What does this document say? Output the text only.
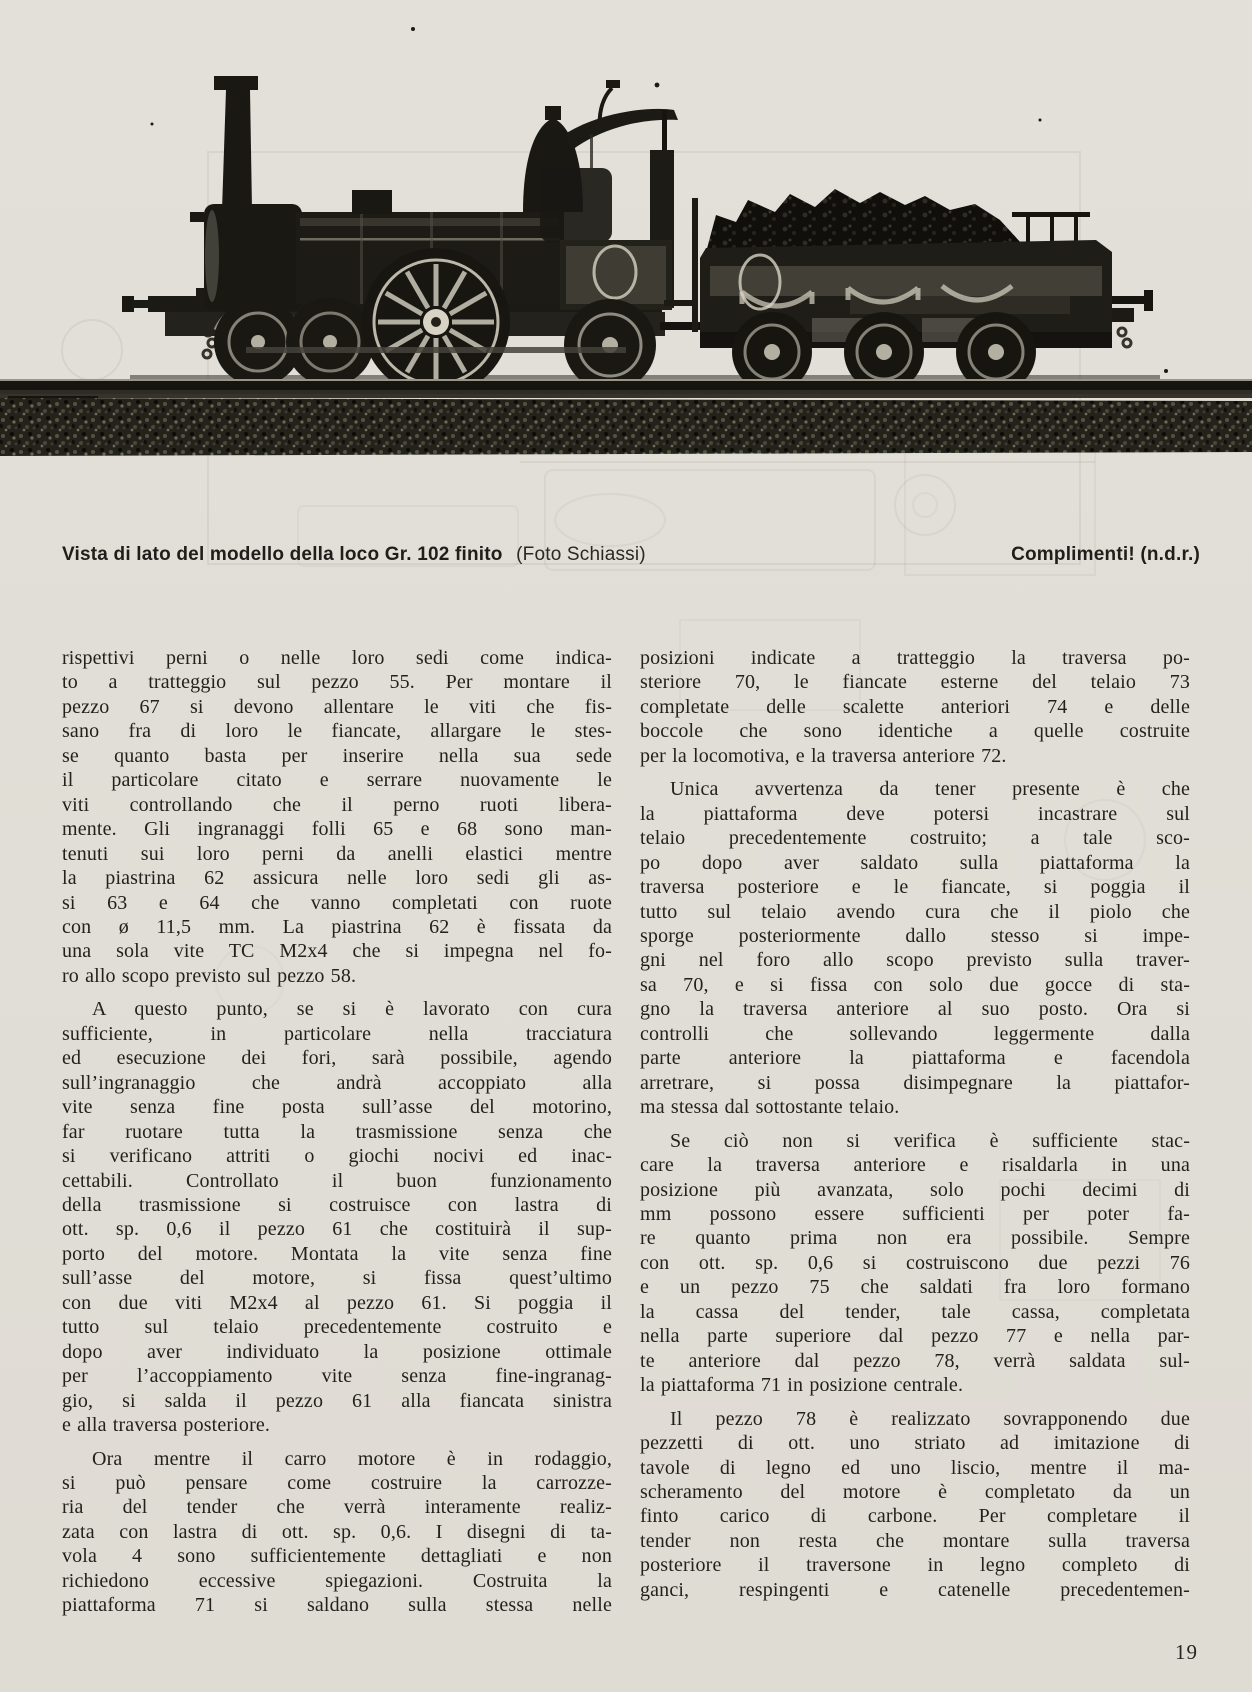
Vista di lato del modello della loco Gr. 102 finito (Foto Schiassi)	Complimenti! (n.d.r.)
rispettivi perni o nelle loro sedi come indica-
to a tratteggio sul pezzo 55. Per montare il
pezzo 67 si devono allentare le viti che fis-
sano fra di loro le fiancate, allargare le stes-
se quanto basta per inserire nella sua sede
il particolare citato e serrare nuovamente le
viti controllando che il perno ruoti libera-
mente. Gli ingranaggi folli 65 e 68 sono man-
tenuti sui loro perni da anelli elastici mentre
la piastrina 62 assicura nelle loro sedi gli as-
si 63 e 64 che vanno completati con ruote
con ø 11,5 mm. La piastrina 62 è fissata da
una sola vite TC M2x4 che si impegna nel fo-
ro allo scopo previsto sul pezzo 58.
A questo punto, se si è lavorato con cura
sufficiente, in particolare nella tracciatura
ed esecuzione dei fori, sarà possibile, agendo
sull’ingranaggio che andrà accoppiato alla
vite senza fine posta sull’asse del motorino,
far ruotare tutta la trasmissione senza che
si verificano attriti o giochi nocivi ed inac-
cettabili. Controllato il buon funzionamento
della trasmissione si costruisce con lastra di
ott. sp. 0,6 il pezzo 61 che costituirà il sup-
porto del motore. Montata la vite senza fine
sull’asse del motore, si fissa quest’ultimo
con due viti M2x4 al pezzo 61. Si poggia il
tutto sul telaio precedentemente costruito e
dopo aver individuato la posizione ottimale
per l’accoppiamento vite senza fine-ingranag-
gio, si salda il pezzo 61 alla fiancata sinistra
e alla traversa posteriore.
Ora mentre il carro motore è in rodaggio,
si può pensare come costruire la carrozze-
ria del tender che verrà interamente realiz-
zata con lastra di ott. sp. 0,6. I disegni di ta-
vola 4 sono sufficientemente dettagliati e non
richiedono eccessive spiegazioni. Costruita la
piattaforma 71 si saldano sulla stessa nelle
posizioni indicate a tratteggio la traversa po-
steriore 70, le fiancate esterne del telaio 73
completate delle scalette anteriori 74 e delle
boccole che sono identiche a quelle costruite
per la locomotiva, e la traversa anteriore 72.
Unica avvertenza da tener presente è che
la piattaforma deve potersi incastrare sul
telaio precedentemente costruito; a tale sco-
po dopo aver saldato sulla piattaforma la
traversa posteriore e le fiancate, si poggia il
tutto sul telaio avendo cura che il piolo che
sporge posteriormente dallo stesso si impe-
gni nel foro allo scopo previsto sulla traver-
sa 70, e si fissa con solo due gocce di sta-
gno la traversa anteriore al suo posto. Ora si
controlli che sollevando leggermente dalla
parte anteriore la piattaforma e facendola
arretrare, si possa disimpegnare la piattafor-
ma stessa dal sottostante telaio.
Se ciò non si verifica è sufficiente stac-
care la traversa anteriore e risaldarla in una
posizione più avanzata, solo pochi decimi di
mm possono essere sufficienti per poter fa-
re quanto prima non era possibile. Sempre
con ott. sp. 0,6 si costruiscono due pezzi 76
e un pezzo 75 che saldati fra loro formano
la cassa del tender, tale cassa, completata
nella parte superiore dal pezzo 77 e nella par-
te anteriore dal pezzo 78, verrà saldata sul-
la piattaforma 71 in posizione centrale.
Il pezzo 78 è realizzato sovrapponendo due
pezzetti di ott. uno striato ad imitazione di
tavole di legno ed uno liscio, mentre il ma-
scheramento del motore è completato da un
finto carico di carbone. Per completare il
tender non resta che montare sulla traversa
posteriore il traversone in legno completo di
ganci, respingenti e catenelle precedentemen-
19
